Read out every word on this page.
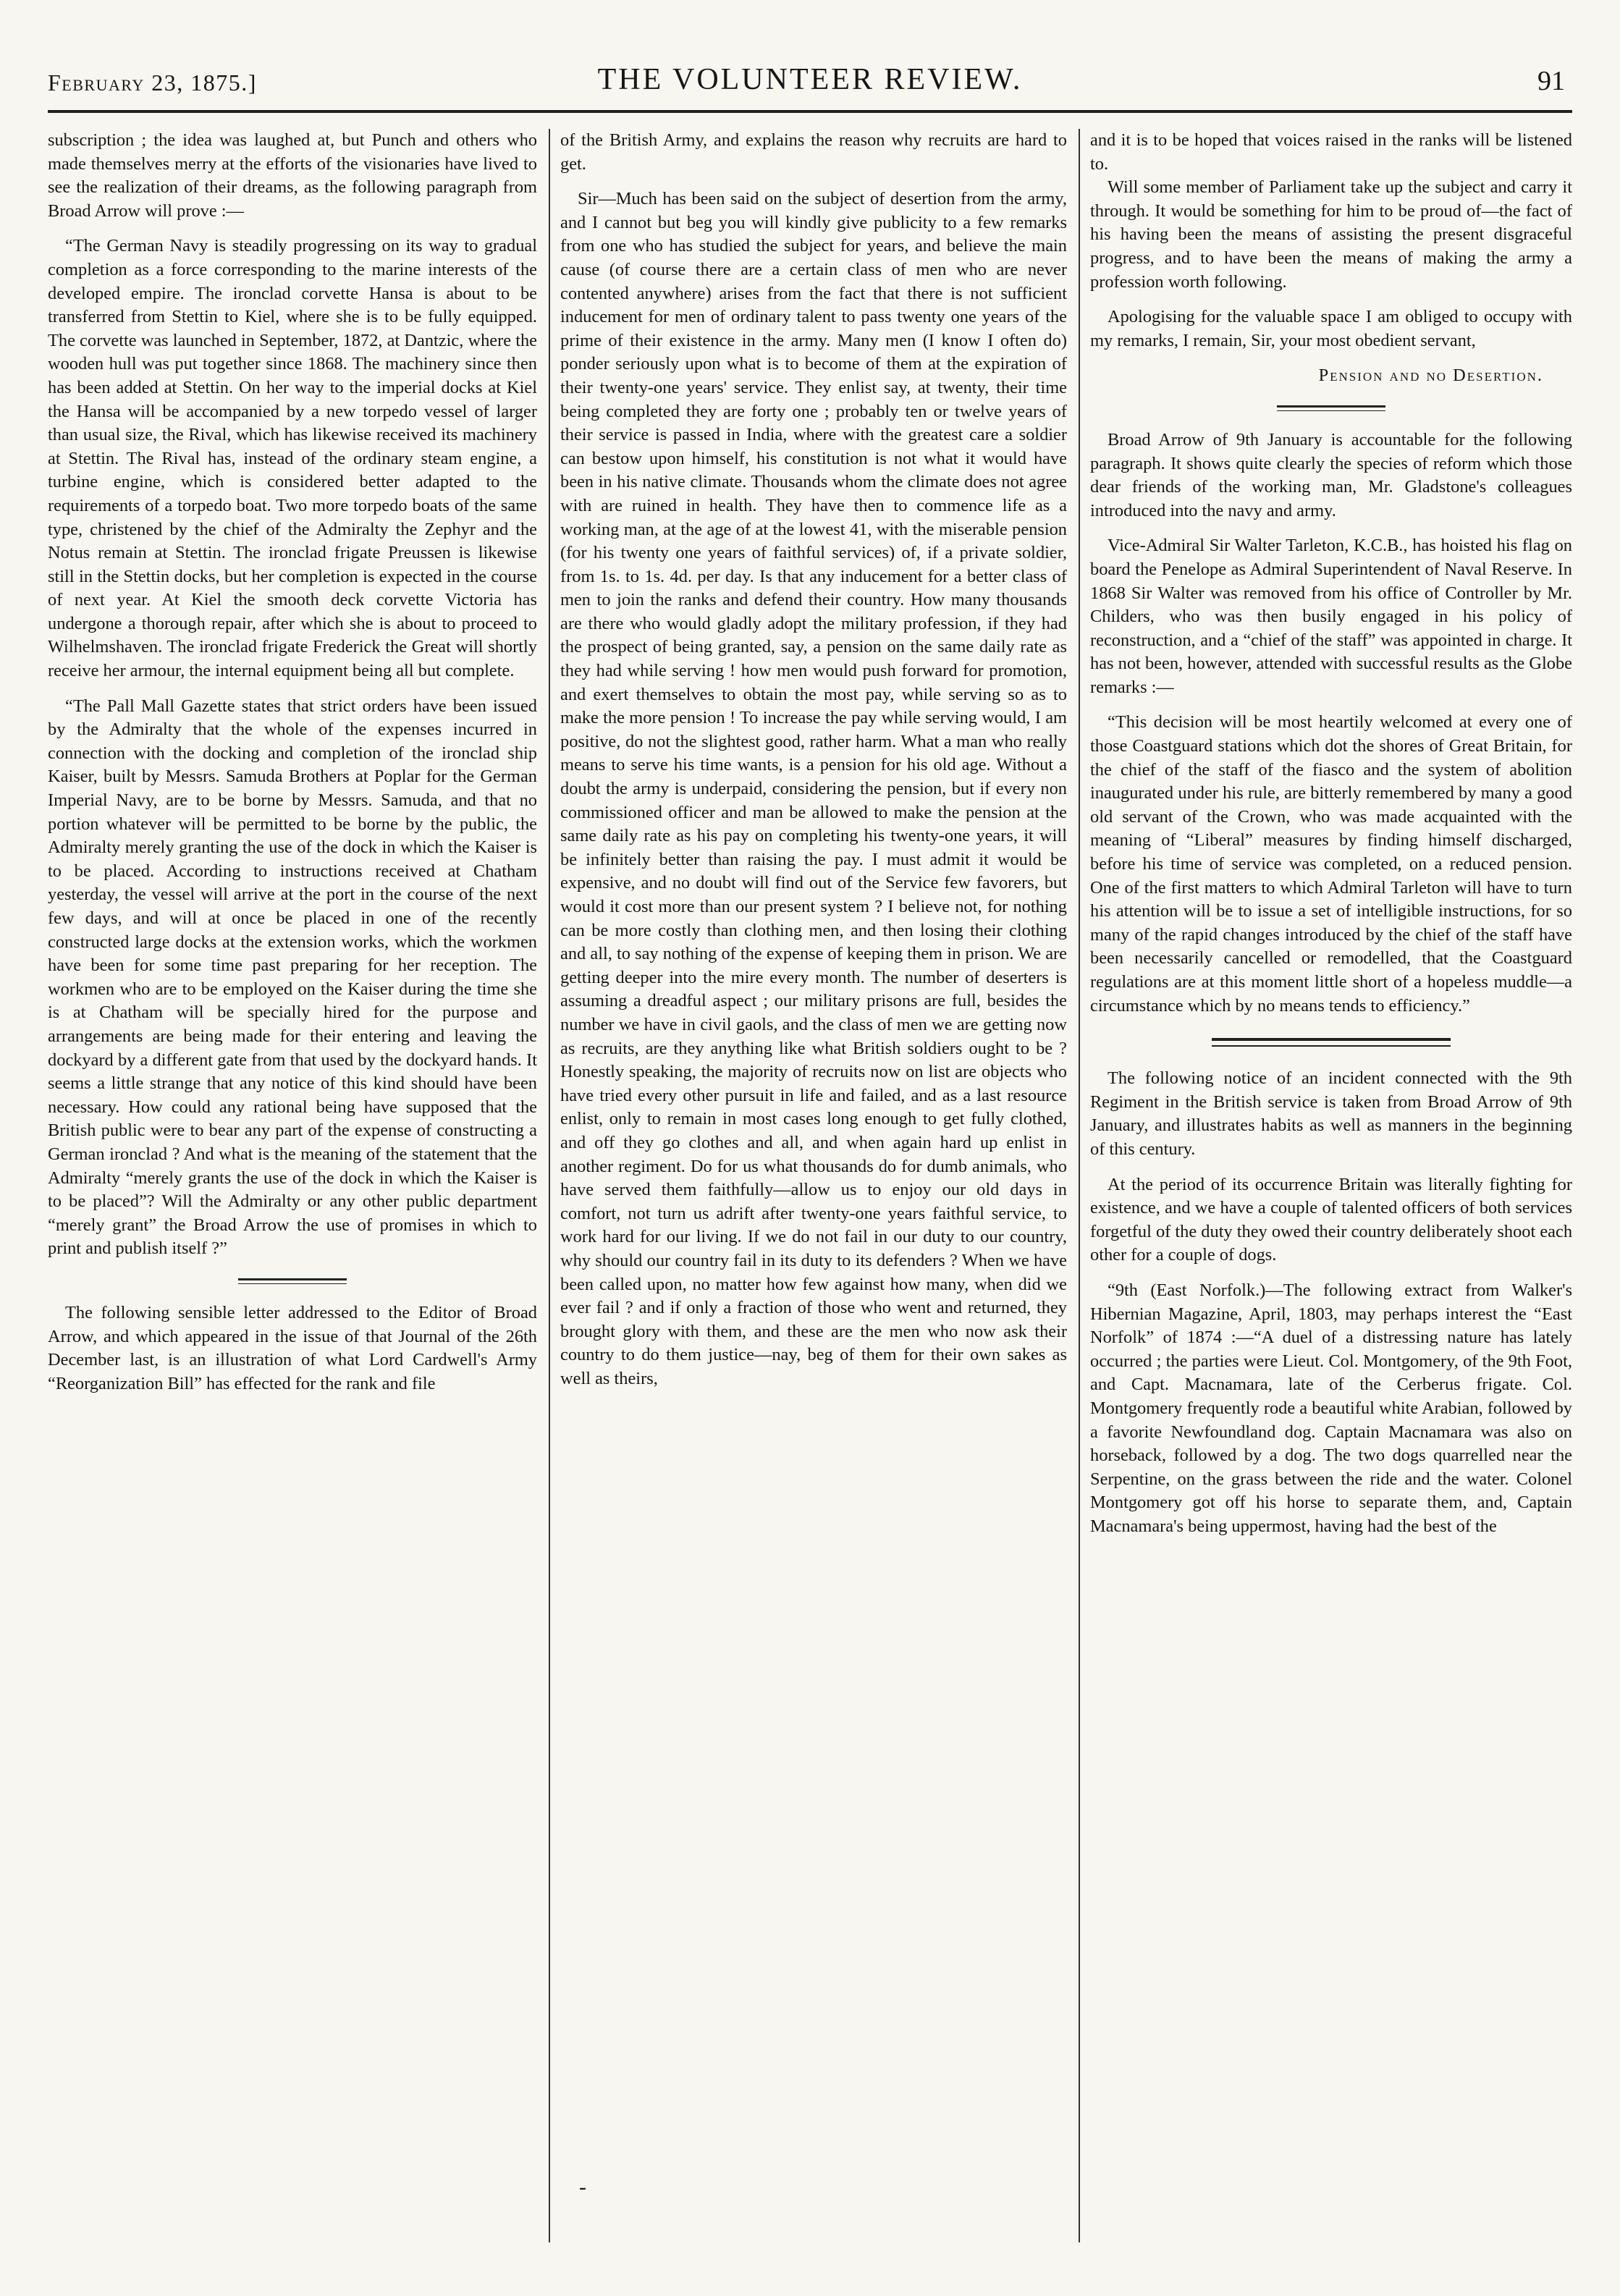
February 23, 1875.]	THE VOLUNTEER REVIEW.	91

subscription ; the idea was laughed at, but Punch and others who made themselves merry at the efforts of the visionaries have lived to see the realization of their dreams, as the following paragraph from Broad Arrow will prove :—

“The German Navy is steadily progressing on its way to gradual completion as a force corresponding to the marine interests of the developed empire. The ironclad corvette Hansa is about to be transferred from Stettin to Kiel, where she is to be fully equipped. The corvette was launched in September, 1872, at Dantzic, where the wooden hull was put together since 1868. The machinery since then has been added at Stettin. On her way to the imperial docks at Kiel the Hansa will be accompanied by a new torpedo vessel of larger than usual size, the Rival, which has likewise received its machinery at Stettin. The Rival has, instead of the ordinary steam engine, a turbine engine, which is considered better adapted to the requirements of a torpedo boat. Two more torpedo boats of the same type, christened by the chief of the Admiralty the Zephyr and the Notus remain at Stettin. The ironclad frigate Preussen is likewise still in the Stettin docks, but her completion is expected in the course of next year. At Kiel the smooth deck corvette Victoria has undergone a thorough repair, after which she is about to proceed to Wilhelmshaven. The ironclad frigate Frederick the Great will shortly receive her armour, the internal equipment being all but complete.

“The Pall Mall Gazette states that strict orders have been issued by the Admiralty that the whole of the expenses incurred in connection with the docking and completion of the ironclad ship Kaiser, built by Messrs. Samuda Brothers at Poplar for the German Imperial Navy, are to be borne by Messrs. Samuda, and that no portion whatever will be permitted to be borne by the public, the Admiralty merely granting the use of the dock in which the Kaiser is to be placed. According to instructions received at Chatham yesterday, the vessel will arrive at the port in the course of the next few days, and will at once be placed in one of the recently constructed large docks at the extension works, which the workmen have been for some time past preparing for her reception. The workmen who are to be employed on the Kaiser during the time she is at Chatham will be specially hired for the purpose and arrangements are being made for their entering and leaving the dockyard by a different gate from that used by the dockyard hands. It seems a little strange that any notice of this kind should have been necessary. How could any rational being have supposed that the British public were to bear any part of the expense of constructing a German ironclad ? And what is the meaning of the statement that the Admiralty “merely grants the use of the dock in which the Kaiser is to be placed”? Will the Admiralty or any other public department “merely grant” the Broad Arrow the use of promises in which to print and publish itself ?”

The following sensible letter addressed to the Editor of Broad Arrow, and which appeared in the issue of that Journal of the 26th December last, is an illustration of what Lord Cardwell's Army “Reorganization Bill” has effected for the rank and file

of the British Army, and explains the reason why recruits are hard to get.

Sir—Much has been said on the subject of desertion from the army, and I cannot but beg you will kindly give publicity to a few remarks from one who has studied the subject for years, and believe the main cause (of course there are a certain class of men who are never contented anywhere) arises from the fact that there is not sufficient inducement for men of ordinary talent to pass twenty one years of the prime of their existence in the army. Many men (I know I often do) ponder seriously upon what is to become of them at the expiration of their twenty-one years' service. They enlist say, at twenty, their time being completed they are forty one ; probably ten or twelve years of their service is passed in India, where with the greatest care a soldier can bestow upon himself, his constitution is not what it would have been in his native climate. Thousands whom the climate does not agree with are ruined in health. They have then to commence life as a working man, at the age of at the lowest 41, with the miserable pension (for his twenty one years of faithful services) of, if a private soldier, from 1s. to 1s. 4d. per day. Is that any inducement for a better class of men to join the ranks and defend their country. How many thousands are there who would gladly adopt the military profession, if they had the prospect of being granted, say, a pension on the same daily rate as they had while serving ! how men would push forward for promotion, and exert themselves to obtain the most pay, while serving so as to make the more pension ! To increase the pay while serving would, I am positive, do not the slightest good, rather harm. What a man who really means to serve his time wants, is a pension for his old age. Without a doubt the army is underpaid, considering the pension, but if every non commissioned officer and man be allowed to make the pension at the same daily rate as his pay on completing his twenty-one years, it will be infinitely better than raising the pay. I must admit it would be expensive, and no doubt will find out of the Service few favorers, but would it cost more than our present system ? I believe not, for nothing can be more costly than clothing men, and then losing their clothing and all, to say nothing of the expense of keeping them in prison. We are getting deeper into the mire every month. The number of deserters is assuming a dreadful aspect ; our military prisons are full, besides the number we have in civil gaols, and the class of men we are getting now as recruits, are they anything like what British soldiers ought to be ? Honestly speaking, the majority of recruits now on list are objects who have tried every other pursuit in life and failed, and as a last resource enlist, only to remain in most cases long enough to get fully clothed, and off they go clothes and all, and when again hard up enlist in another regiment. Do for us what thousands do for dumb animals, who have served them faithfully—allow us to enjoy our old days in comfort, not turn us adrift after twenty-one years faithful service, to work hard for our living. If we do not fail in our duty to our country, why should our country fail in its duty to its defenders ? When we have been called upon, no matter how few against how many, when did we ever fail ? and if only a fraction of those who went and returned, they brought glory with them, and these are the men who now ask their country to do them justice—nay, beg of them for their own sakes as well as theirs,

and it is to be hoped that voices raised in the ranks will be listened to.

Will some member of Parliament take up the subject and carry it through. It would be something for him to be proud of—the fact of his having been the means of assisting the present disgraceful progress, and to have been the means of making the army a profession worth following.

Apologising for the valuable space I am obliged to occupy with my remarks, I remain, Sir, your most obedient servant,

Pension and no Desertion.

Broad Arrow of 9th January is accountable for the following paragraph. It shows quite clearly the species of reform which those dear friends of the working man, Mr. Gladstone's colleagues introduced into the navy and army.

Vice-Admiral Sir Walter Tarleton, K.C.B., has hoisted his flag on board the Penelope as Admiral Superintendent of Naval Reserve. In 1868 Sir Walter was removed from his office of Controller by Mr. Childers, who was then busily engaged in his policy of reconstruction, and a “chief of the staff” was appointed in charge. It has not been, however, attended with successful results as the Globe remarks :—

“This decision will be most heartily welcomed at every one of those Coastguard stations which dot the shores of Great Britain, for the chief of the staff of the fiasco and the system of abolition inaugurated under his rule, are bitterly remembered by many a good old servant of the Crown, who was made acquainted with the meaning of “Liberal” measures by finding himself discharged, before his time of service was completed, on a reduced pension. One of the first matters to which Admiral Tarleton will have to turn his attention will be to issue a set of intelligible instructions, for so many of the rapid changes introduced by the chief of the staff have been necessarily cancelled or remodelled, that the Coastguard regulations are at this moment little short of a hopeless muddle—a circumstance which by no means tends to efficiency.”

The following notice of an incident connected with the 9th Regiment in the British service is taken from Broad Arrow of 9th January, and illustrates habits as well as manners in the beginning of this century.

At the period of its occurrence Britain was literally fighting for existence, and we have a couple of talented officers of both services forgetful of the duty they owed their country deliberately shoot each other for a couple of dogs.

“9th (East Norfolk.)—The following extract from Walker's Hibernian Magazine, April, 1803, may perhaps interest the “East Norfolk” of 1874 :—“A duel of a distressing nature has lately occurred ; the parties were Lieut. Col. Montgomery, of the 9th Foot, and Capt. Macnamara, late of the Cerberus frigate. Col. Montgomery frequently rode a beautiful white Arabian, followed by a favorite Newfoundland dog. Captain Macnamara was also on horseback, followed by a dog. The two dogs quarrelled near the Serpentine, on the grass between the ride and the water. Colonel Montgomery got off his horse to separate them, and, Captain Macnamara's being uppermost, having had the best of the

-
